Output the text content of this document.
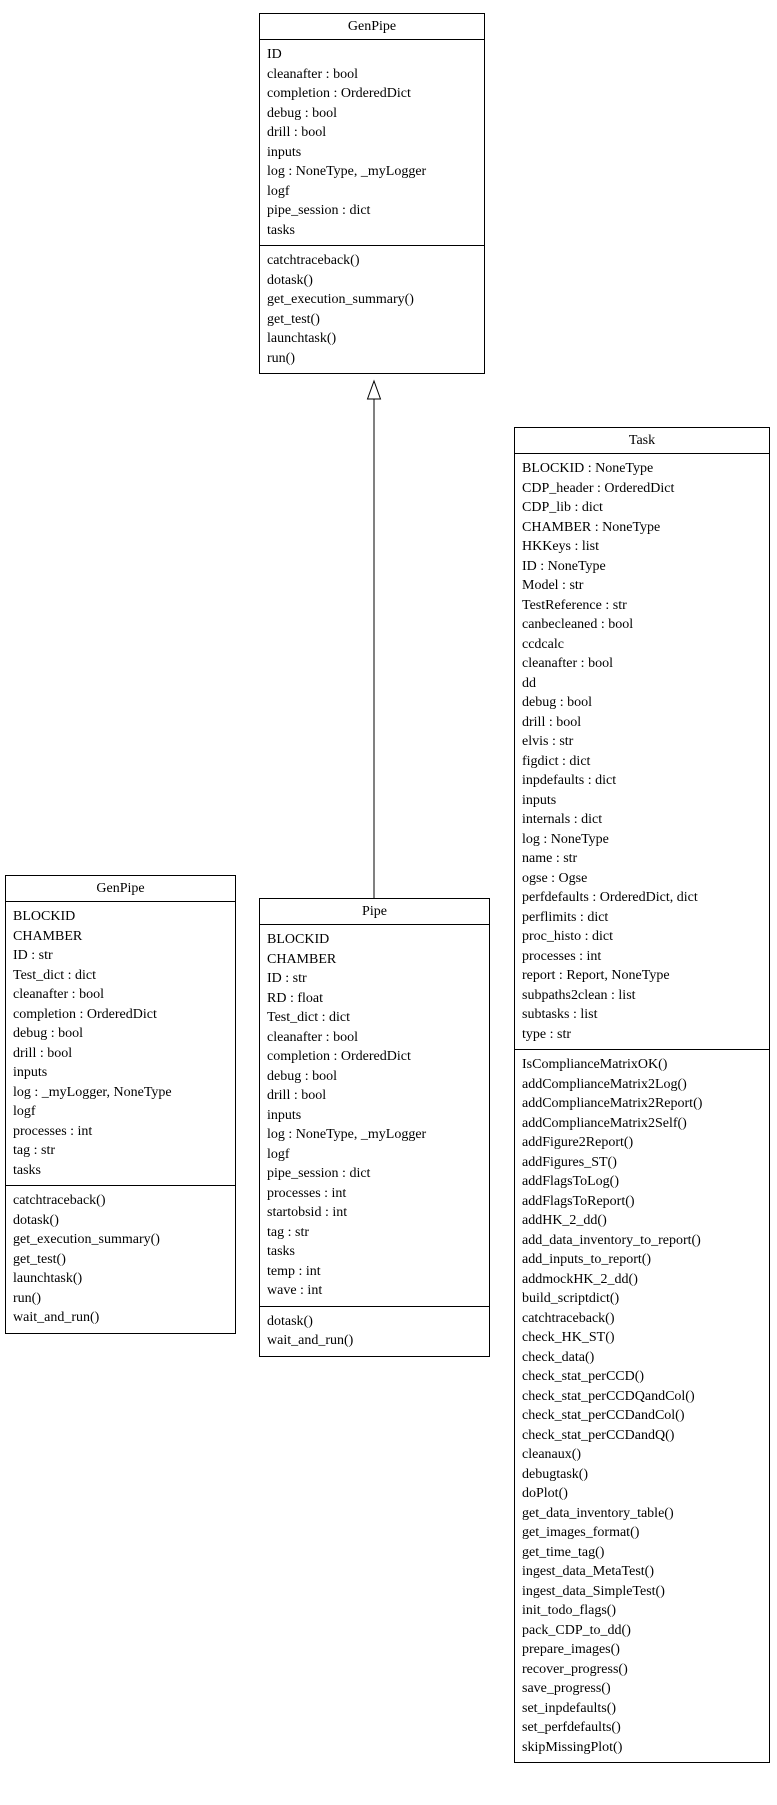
GenPipe
ID
cleanafter : bool
completion : OrderedDict
debug : bool
drill : bool
inputs
log : NoneType, _myLogger
logf
pipe_session : dict
tasks
catchtraceback()
dotask()
get_execution_summary()
get_test()
launchtask()
run()
Task
BLOCKID : NoneType
CDP_header : OrderedDict
CDP_lib : dict
CHAMBER : NoneType
HKKeys : list
ID : NoneType
Model : str
TestReference : str
canbecleaned : bool
ccdcalc
cleanafter : bool
dd
debug : bool
drill : bool
elvis : str
figdict : dict
inpdefaults : dict
inputs
internals : dict
log : NoneType
name : str
ogse : Ogse
perfdefaults : OrderedDict, dict
perflimits : dict
proc_histo : dict
processes : int
report : Report, NoneType
subpaths2clean : list
subtasks : list
type : str
IsComplianceMatrixOK()
addComplianceMatrix2Log()
addComplianceMatrix2Report()
addComplianceMatrix2Self()
addFigure2Report()
addFigures_ST()
addFlagsToLog()
addFlagsToReport()
addHK_2_dd()
add_data_inventory_to_report()
add_inputs_to_report()
addmockHK_2_dd()
build_scriptdict()
catchtraceback()
check_HK_ST()
check_data()
check_stat_perCCD()
check_stat_perCCDQandCol()
check_stat_perCCDandCol()
check_stat_perCCDandQ()
cleanaux()
debugtask()
doPlot()
get_data_inventory_table()
get_images_format()
get_time_tag()
ingest_data_MetaTest()
ingest_data_SimpleTest()
init_todo_flags()
pack_CDP_to_dd()
prepare_images()
recover_progress()
save_progress()
set_inpdefaults()
set_perfdefaults()
skipMissingPlot()
GenPipe
BLOCKID
CHAMBER
ID : str
Test_dict : dict
cleanafter : bool
completion : OrderedDict
debug : bool
drill : bool
inputs
log : _myLogger, NoneType
logf
processes : int
tag : str
tasks
catchtraceback()
dotask()
get_execution_summary()
get_test()
launchtask()
run()
wait_and_run()
Pipe
BLOCKID
CHAMBER
ID : str
RD : float
Test_dict : dict
cleanafter : bool
completion : OrderedDict
debug : bool
drill : bool
inputs
log : NoneType, _myLogger
logf
pipe_session : dict
processes : int
startobsid : int
tag : str
tasks
temp : int
wave : int
dotask()
wait_and_run()
